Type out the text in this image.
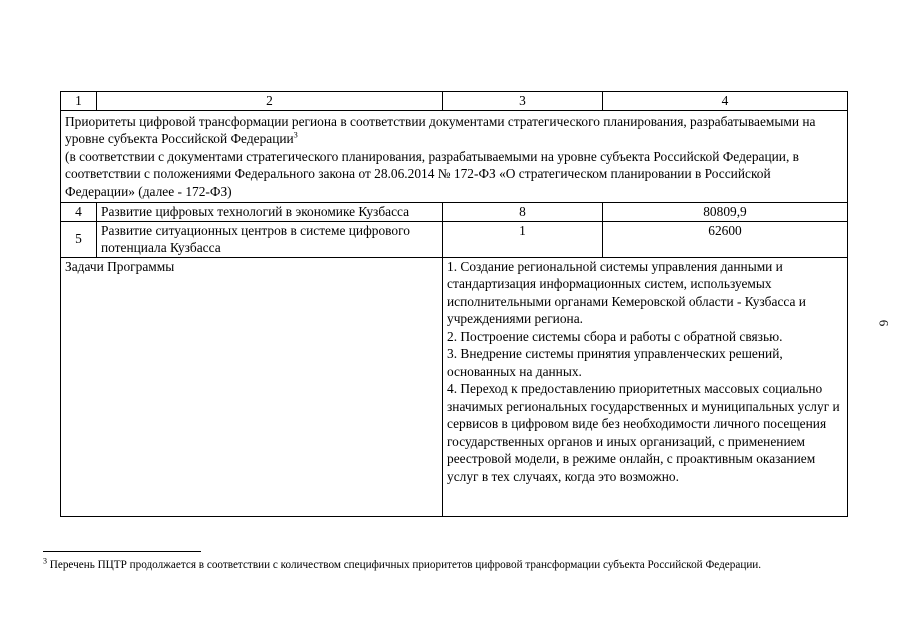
1	2	3	4

Приоритеты цифровой трансформации региона в соответствии документами стратегического планирования, разрабатываемыми на уровне субъекта Российской Федерации$^3$
(в соответствии с документами стратегического планирования, разрабатываемыми на уровне субъекта Российской Федерации, в соответствии с положениями Федерального закона от 28.06.2014 № 172-ФЗ «О стратегическом планировании в Российской Федерации» (далее - 172-ФЗ)			

4	Развитие цифровых технологий в экономике Кузбасса	8	80809,9
5	Развитие ситуационных центров в системе цифрового потенциала Кузбасса	1	62600
Задачи Программы		1. Создание региональной системы управления данными и стандартизация информационных систем, используемых исполнительными органами Кемеровской области - Кузбасса и учреждениями региона.
2. Построение системы сбора и работы с обратной связью.
3. Внедрение системы принятия управленческих решений, основанных на данных.
4. Переход к предоставлению приоритетных массовых социально значимых региональных государственных и муниципальных услуг и сервисов в цифровом виде без необходимости личного посещения государственных органов и иных организаций, с применением реестровой модели, в режиме онлайн, с проактивным оказанием услуг в тех случаях, когда это возможно.	
6
$^3$ Перечень ПЦТР продолжается в соответствии с количеством специфичных приоритетов цифровой трансформации субъекта Российской Федерации.
